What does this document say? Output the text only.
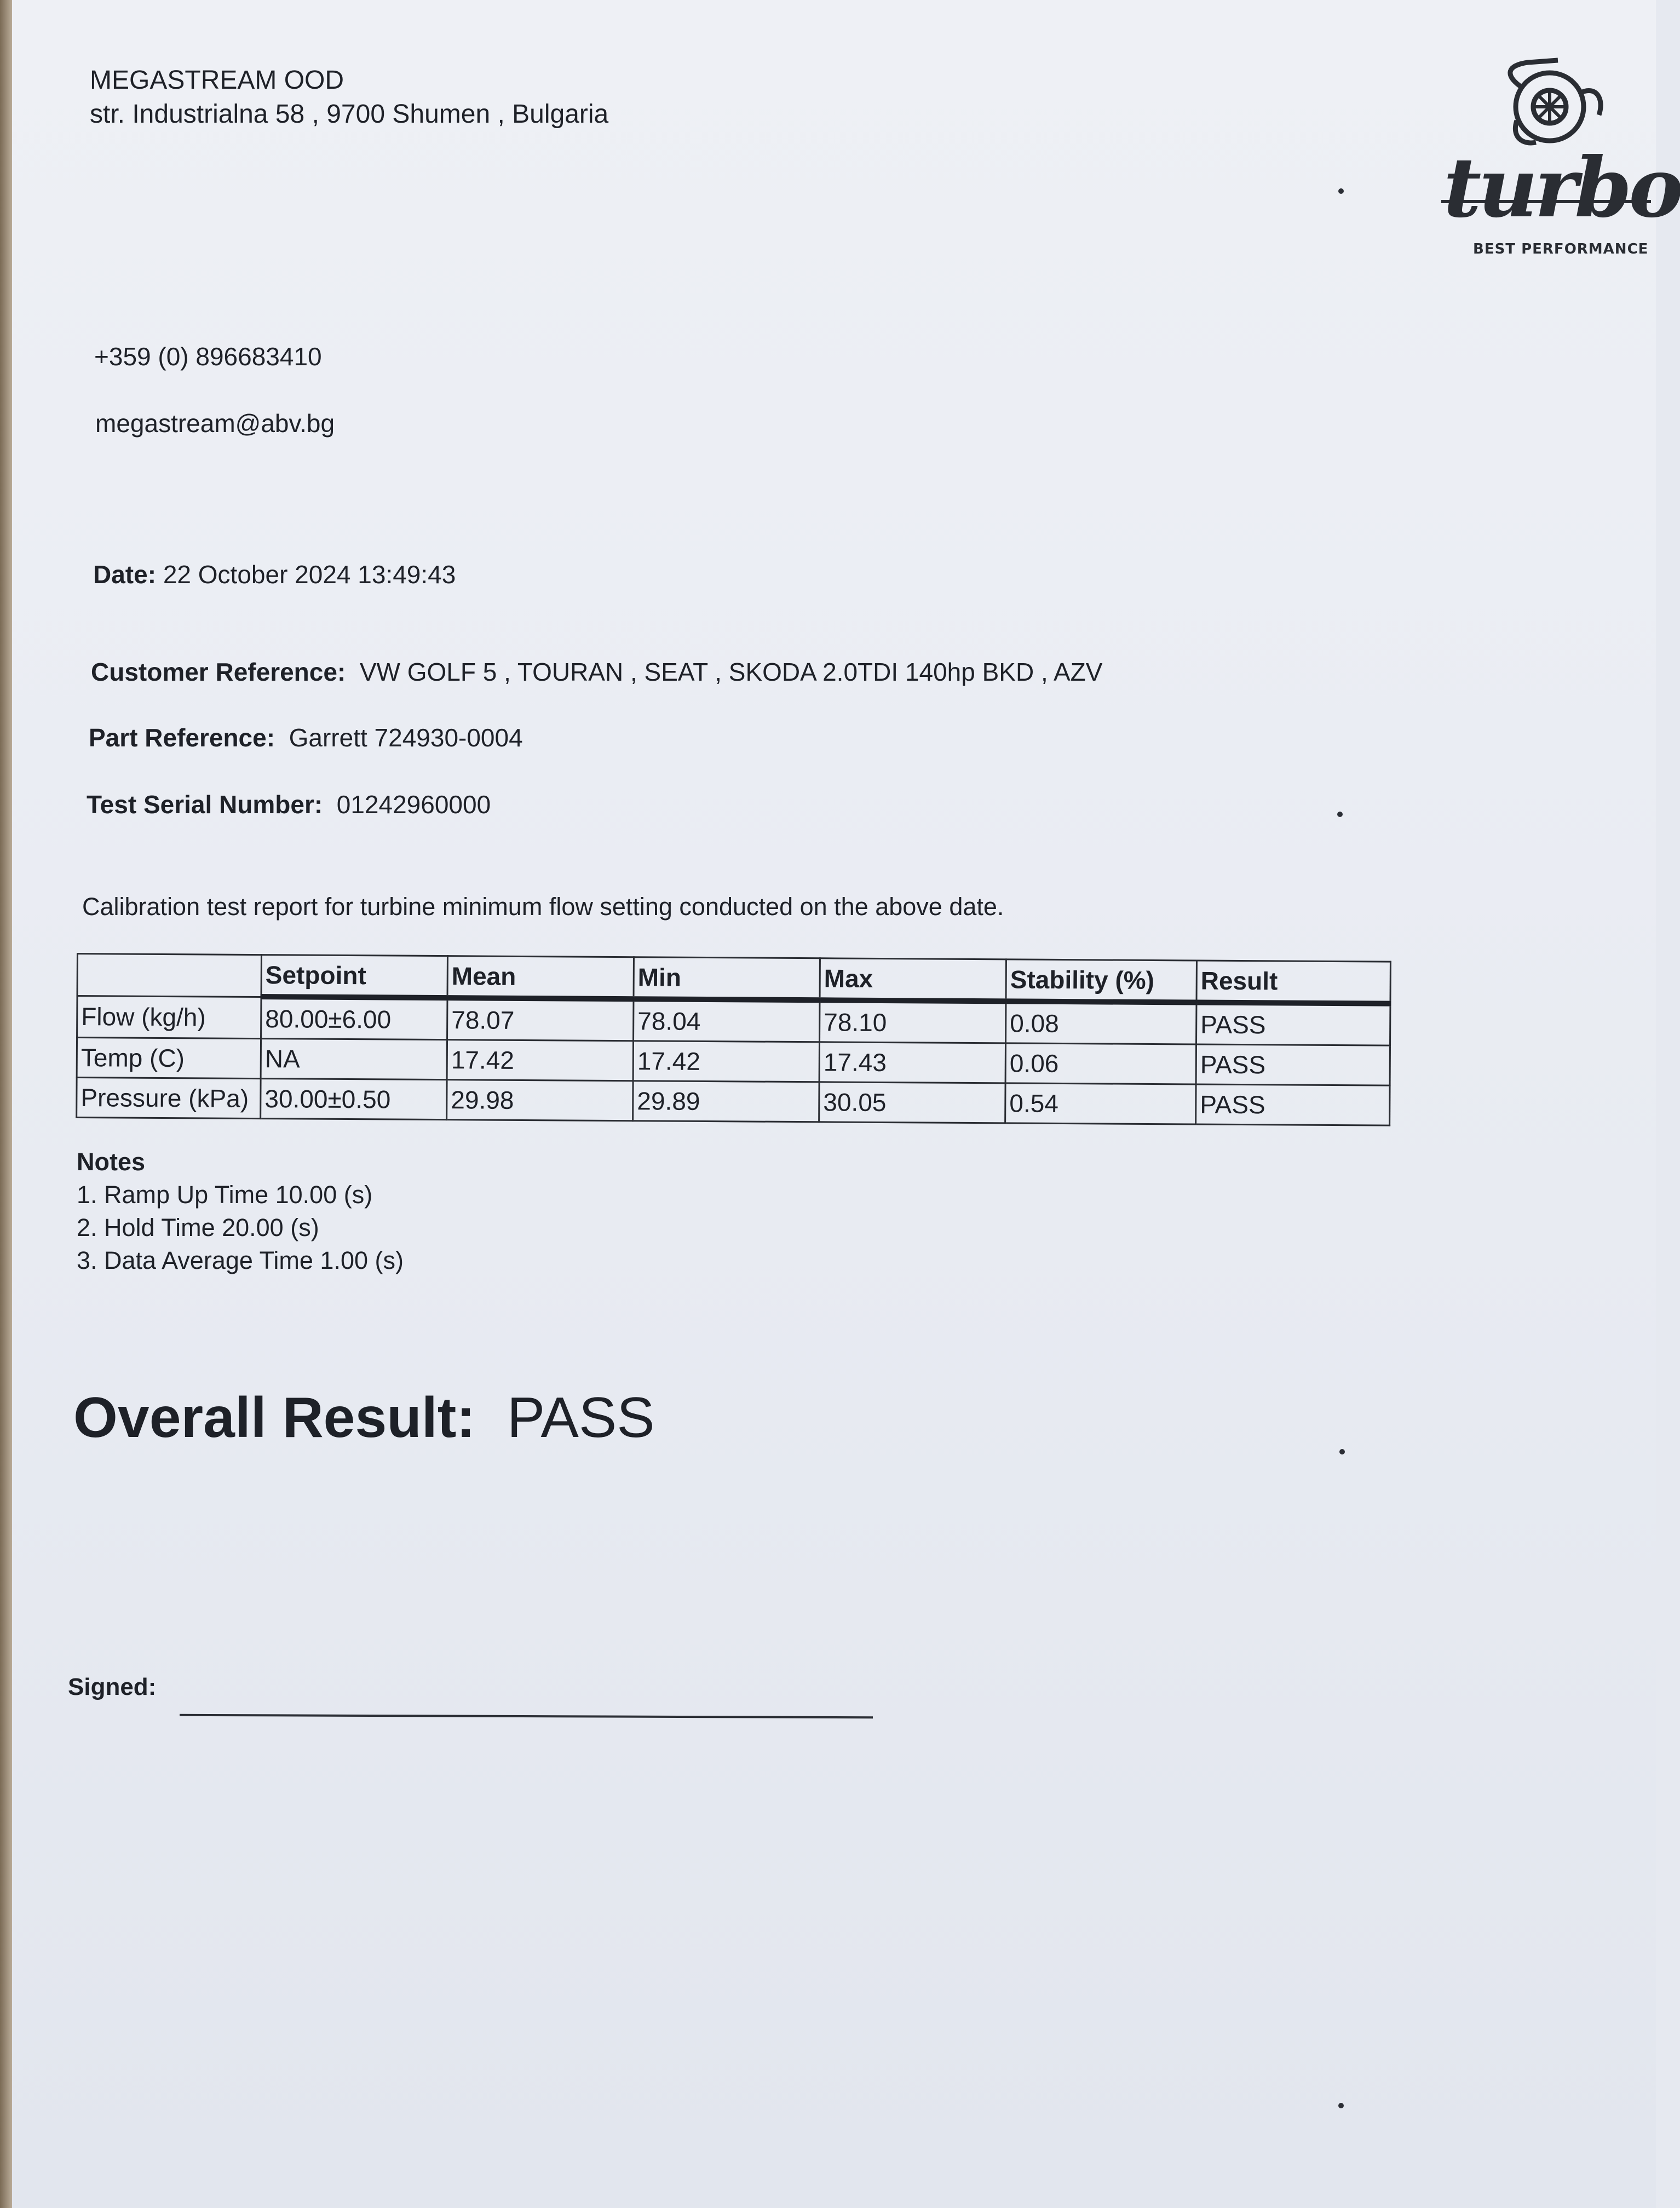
MEGASTREAM OOD
str. Industrialna 58 , 9700 Shumen , Bulgaria
turbo
BEST PERFORMANCE
+359 (0) 896683410
megastream@abv.bg
Date: 22 October 2024 13:49:43
Customer Reference: VW GOLF 5 , TOURAN , SEAT , SKODA 2.0TDI 140hp BKD , AZV
Part Reference: Garrett 724930-0004
Test Serial Number: 01242960000
Calibration test report for turbine minimum flow setting conducted on the above date.
	Setpoint	Mean	Min	Max	Stability (%)	Result
Flow (kg/h)	80.00±6.00	78.07	78.04	78.10	0.08	PASS
Temp (C)	NA	17.42	17.42	17.43	0.06	PASS
Pressure (kPa)	30.00±0.50	29.98	29.89	30.05	0.54	PASS
Notes
1. Ramp Up Time 10.00 (s)
2. Hold Time 20.00 (s)
3. Data Average Time 1.00 (s)
Overall Result: PASS
Signed:
